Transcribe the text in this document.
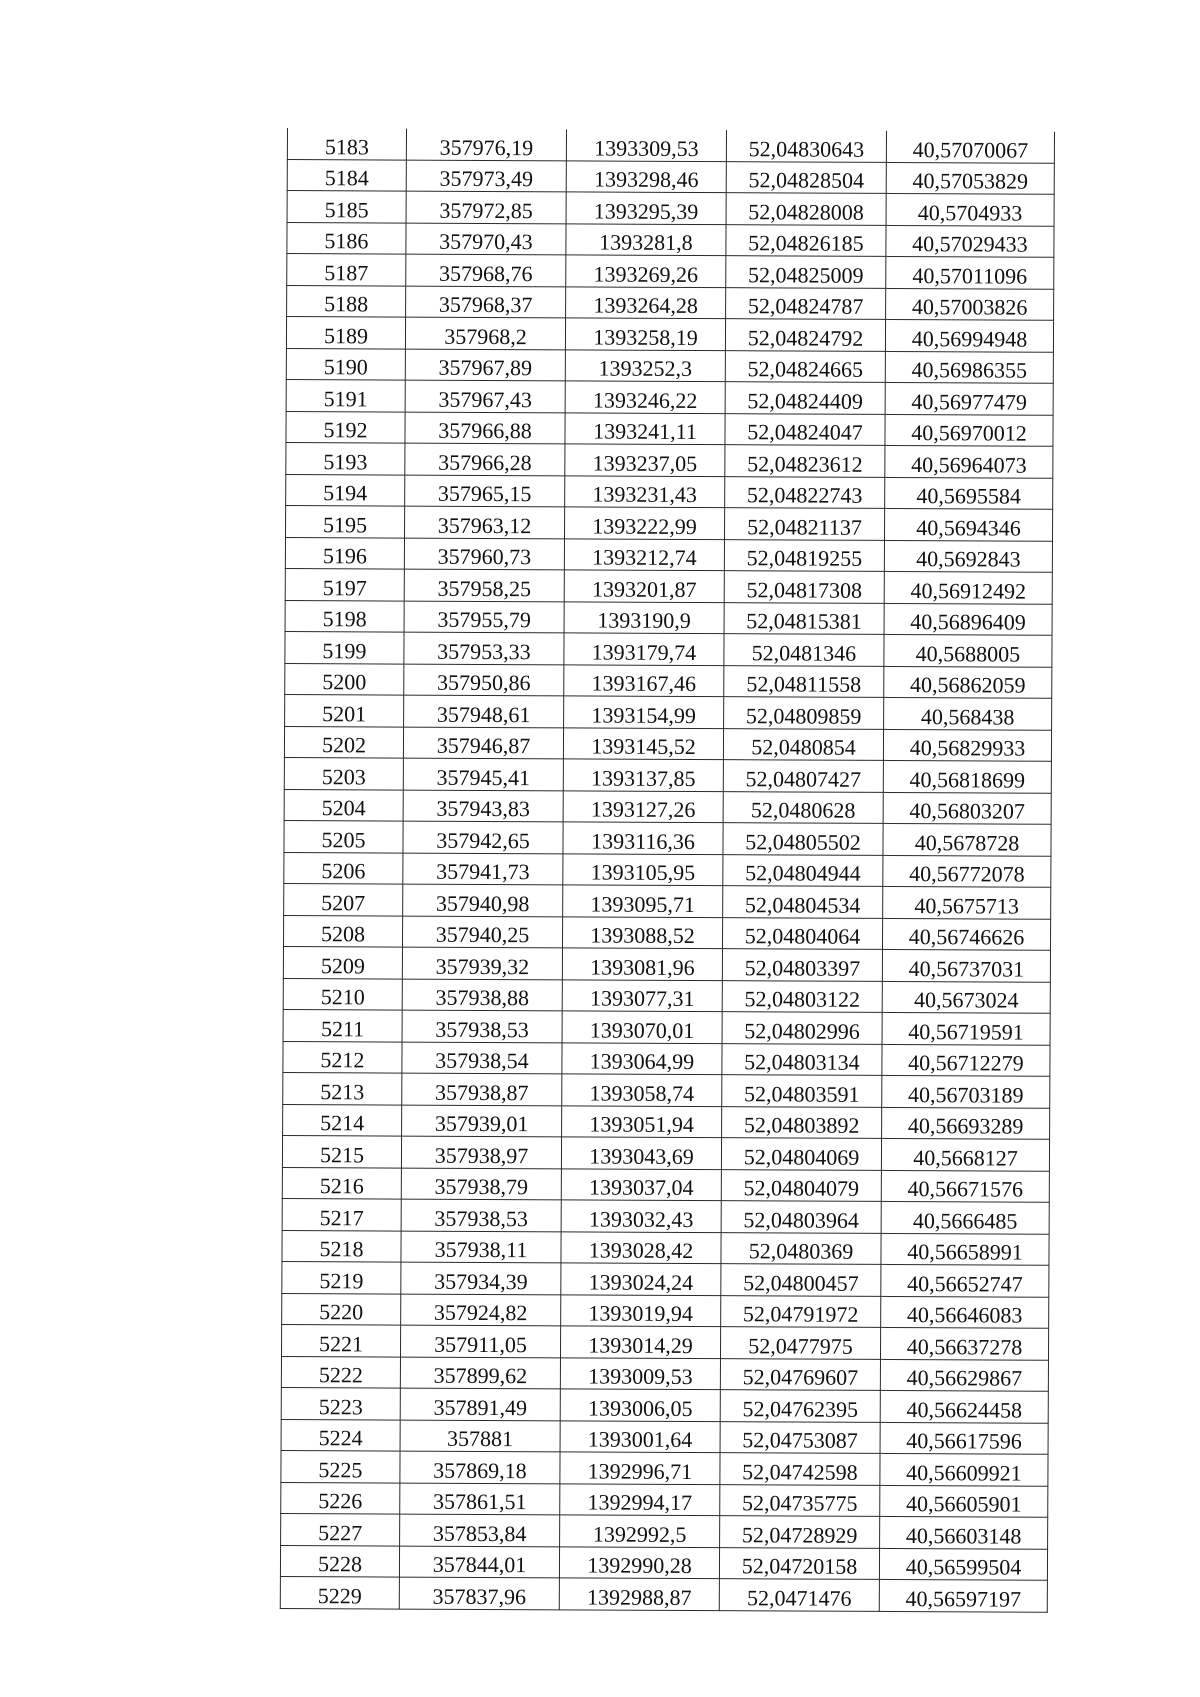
5183	357976,19	1393309,53	52,04830643	40,57070067
5184	357973,49	1393298,46	52,04828504	40,57053829
5185	357972,85	1393295,39	52,04828008	40,5704933
5186	357970,43	1393281,8	52,04826185	40,57029433
5187	357968,76	1393269,26	52,04825009	40,57011096
5188	357968,37	1393264,28	52,04824787	40,57003826
5189	357968,2	1393258,19	52,04824792	40,56994948
5190	357967,89	1393252,3	52,04824665	40,56986355
5191	357967,43	1393246,22	52,04824409	40,56977479
5192	357966,88	1393241,11	52,04824047	40,56970012
5193	357966,28	1393237,05	52,04823612	40,56964073
5194	357965,15	1393231,43	52,04822743	40,5695584
5195	357963,12	1393222,99	52,04821137	40,5694346
5196	357960,73	1393212,74	52,04819255	40,5692843
5197	357958,25	1393201,87	52,04817308	40,56912492
5198	357955,79	1393190,9	52,04815381	40,56896409
5199	357953,33	1393179,74	52,0481346	40,5688005
5200	357950,86	1393167,46	52,04811558	40,56862059
5201	357948,61	1393154,99	52,04809859	40,568438
5202	357946,87	1393145,52	52,0480854	40,56829933
5203	357945,41	1393137,85	52,04807427	40,56818699
5204	357943,83	1393127,26	52,0480628	40,56803207
5205	357942,65	1393116,36	52,04805502	40,5678728
5206	357941,73	1393105,95	52,04804944	40,56772078
5207	357940,98	1393095,71	52,04804534	40,5675713
5208	357940,25	1393088,52	52,04804064	40,56746626
5209	357939,32	1393081,96	52,04803397	40,56737031
5210	357938,88	1393077,31	52,04803122	40,5673024
5211	357938,53	1393070,01	52,04802996	40,56719591
5212	357938,54	1393064,99	52,04803134	40,56712279
5213	357938,87	1393058,74	52,04803591	40,56703189
5214	357939,01	1393051,94	52,04803892	40,56693289
5215	357938,97	1393043,69	52,04804069	40,5668127
5216	357938,79	1393037,04	52,04804079	40,56671576
5217	357938,53	1393032,43	52,04803964	40,5666485
5218	357938,11	1393028,42	52,0480369	40,56658991
5219	357934,39	1393024,24	52,04800457	40,56652747
5220	357924,82	1393019,94	52,04791972	40,56646083
5221	357911,05	1393014,29	52,0477975	40,56637278
5222	357899,62	1393009,53	52,04769607	40,56629867
5223	357891,49	1393006,05	52,04762395	40,56624458
5224	357881	1393001,64	52,04753087	40,56617596
5225	357869,18	1392996,71	52,04742598	40,56609921
5226	357861,51	1392994,17	52,04735775	40,56605901
5227	357853,84	1392992,5	52,04728929	40,56603148
5228	357844,01	1392990,28	52,04720158	40,56599504
5229	357837,96	1392988,87	52,0471476	40,56597197
